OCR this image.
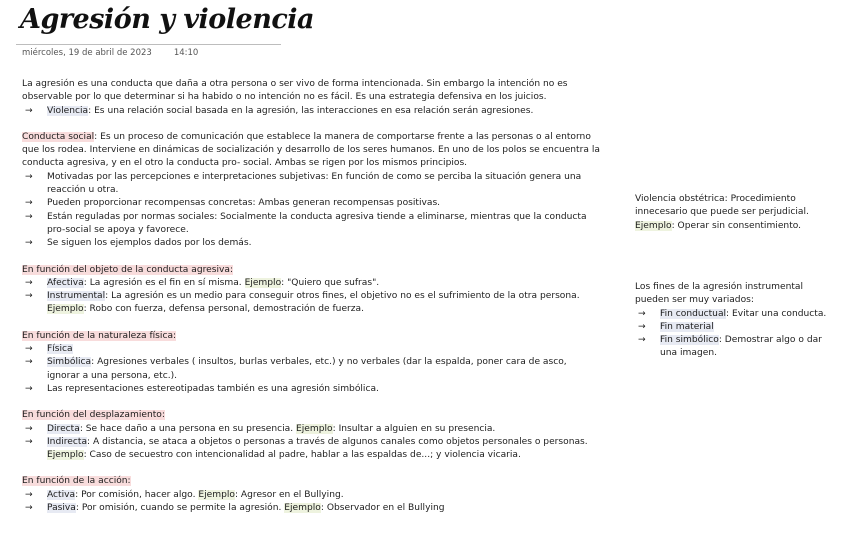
Agresión y violencia
miércoles, 19 de abril de 2023	14:10

La agresión es una conducta que daña a otra persona o ser vivo de forma intencionada. Sin embargo la intención no es observable por lo que determinar si ha habido o no intención no es fácil. Es una estrategia defensiva en los juicios.

→	Violencia: Es una relación social basada en la agresión, las interacciones en esa relación serán agresiones.

Conducta social: Es un proceso de comunicación que establece la manera de comportarse frente a las personas o al entorno que los rodea. Interviene en dinámicas de socialización y desarrollo de los seres humanos. En uno de los polos se encuentra la conducta agresiva, y en el otro la conducta pro- social. Ambas se rigen por los mismos principios.

→	Motivadas por las percepciones e interpretaciones subjetivas: En función de como se perciba la situación genera una reacción u otra.
→	Pueden proporcionar recompensas concretas: Ambas generan recompensas positivas.
→	Están reguladas por normas sociales: Socialmente la conducta agresiva tiende a eliminarse, mientras que la conducta pro-social se apoya y favorece.
→	Se siguen los ejemplos dados por los demás.

En función del objeto de la conducta agresiva:

→	Afectiva: La agresión es el fin en sí misma. Ejemplo: "Quiero que sufras".
→	Instrumental: La agresión es un medio para conseguir otros fines, el objetivo no es el sufrimiento de la otra persona.

Ejemplo: Robo con fuerza, defensa personal, demostración de fuerza.

En función de la naturaleza física:

→	Física
→	Simbólica: Agresiones verbales ( insultos, burlas verbales, etc.) y no verbales (dar la espalda, poner cara de asco, ignorar a una persona, etc.).
→	Las representaciones estereotipadas también es una agresión simbólica.

En función del desplazamiento:

→	Directa: Se hace daño a una persona en su presencia. Ejemplo: Insultar a alguien en su presencia.
→	Indirecta: A distancia, se ataca a objetos o personas a través de algunos canales como objetos personales o personas.

Ejemplo: Caso de secuestro con intencionalidad al padre, hablar a las espaldas de...; y violencia vicaria.

En función de la acción:

→	Activa: Por comisión, hacer algo. Ejemplo: Agresor en el Bullying.
→	Pasiva: Por omisión, cuando se permite la agresión. Ejemplo: Observador en el Bullying

Violencia obstétrica: Procedimiento innecesario que puede ser perjudicial.

Ejemplo: Operar sin consentimiento.

Los fines de la agresión instrumental pueden ser muy variados:

→	Fin conductual: Evitar una conducta.
→	Fin material
→	Fin simbólico: Demostrar algo o dar una imagen.
